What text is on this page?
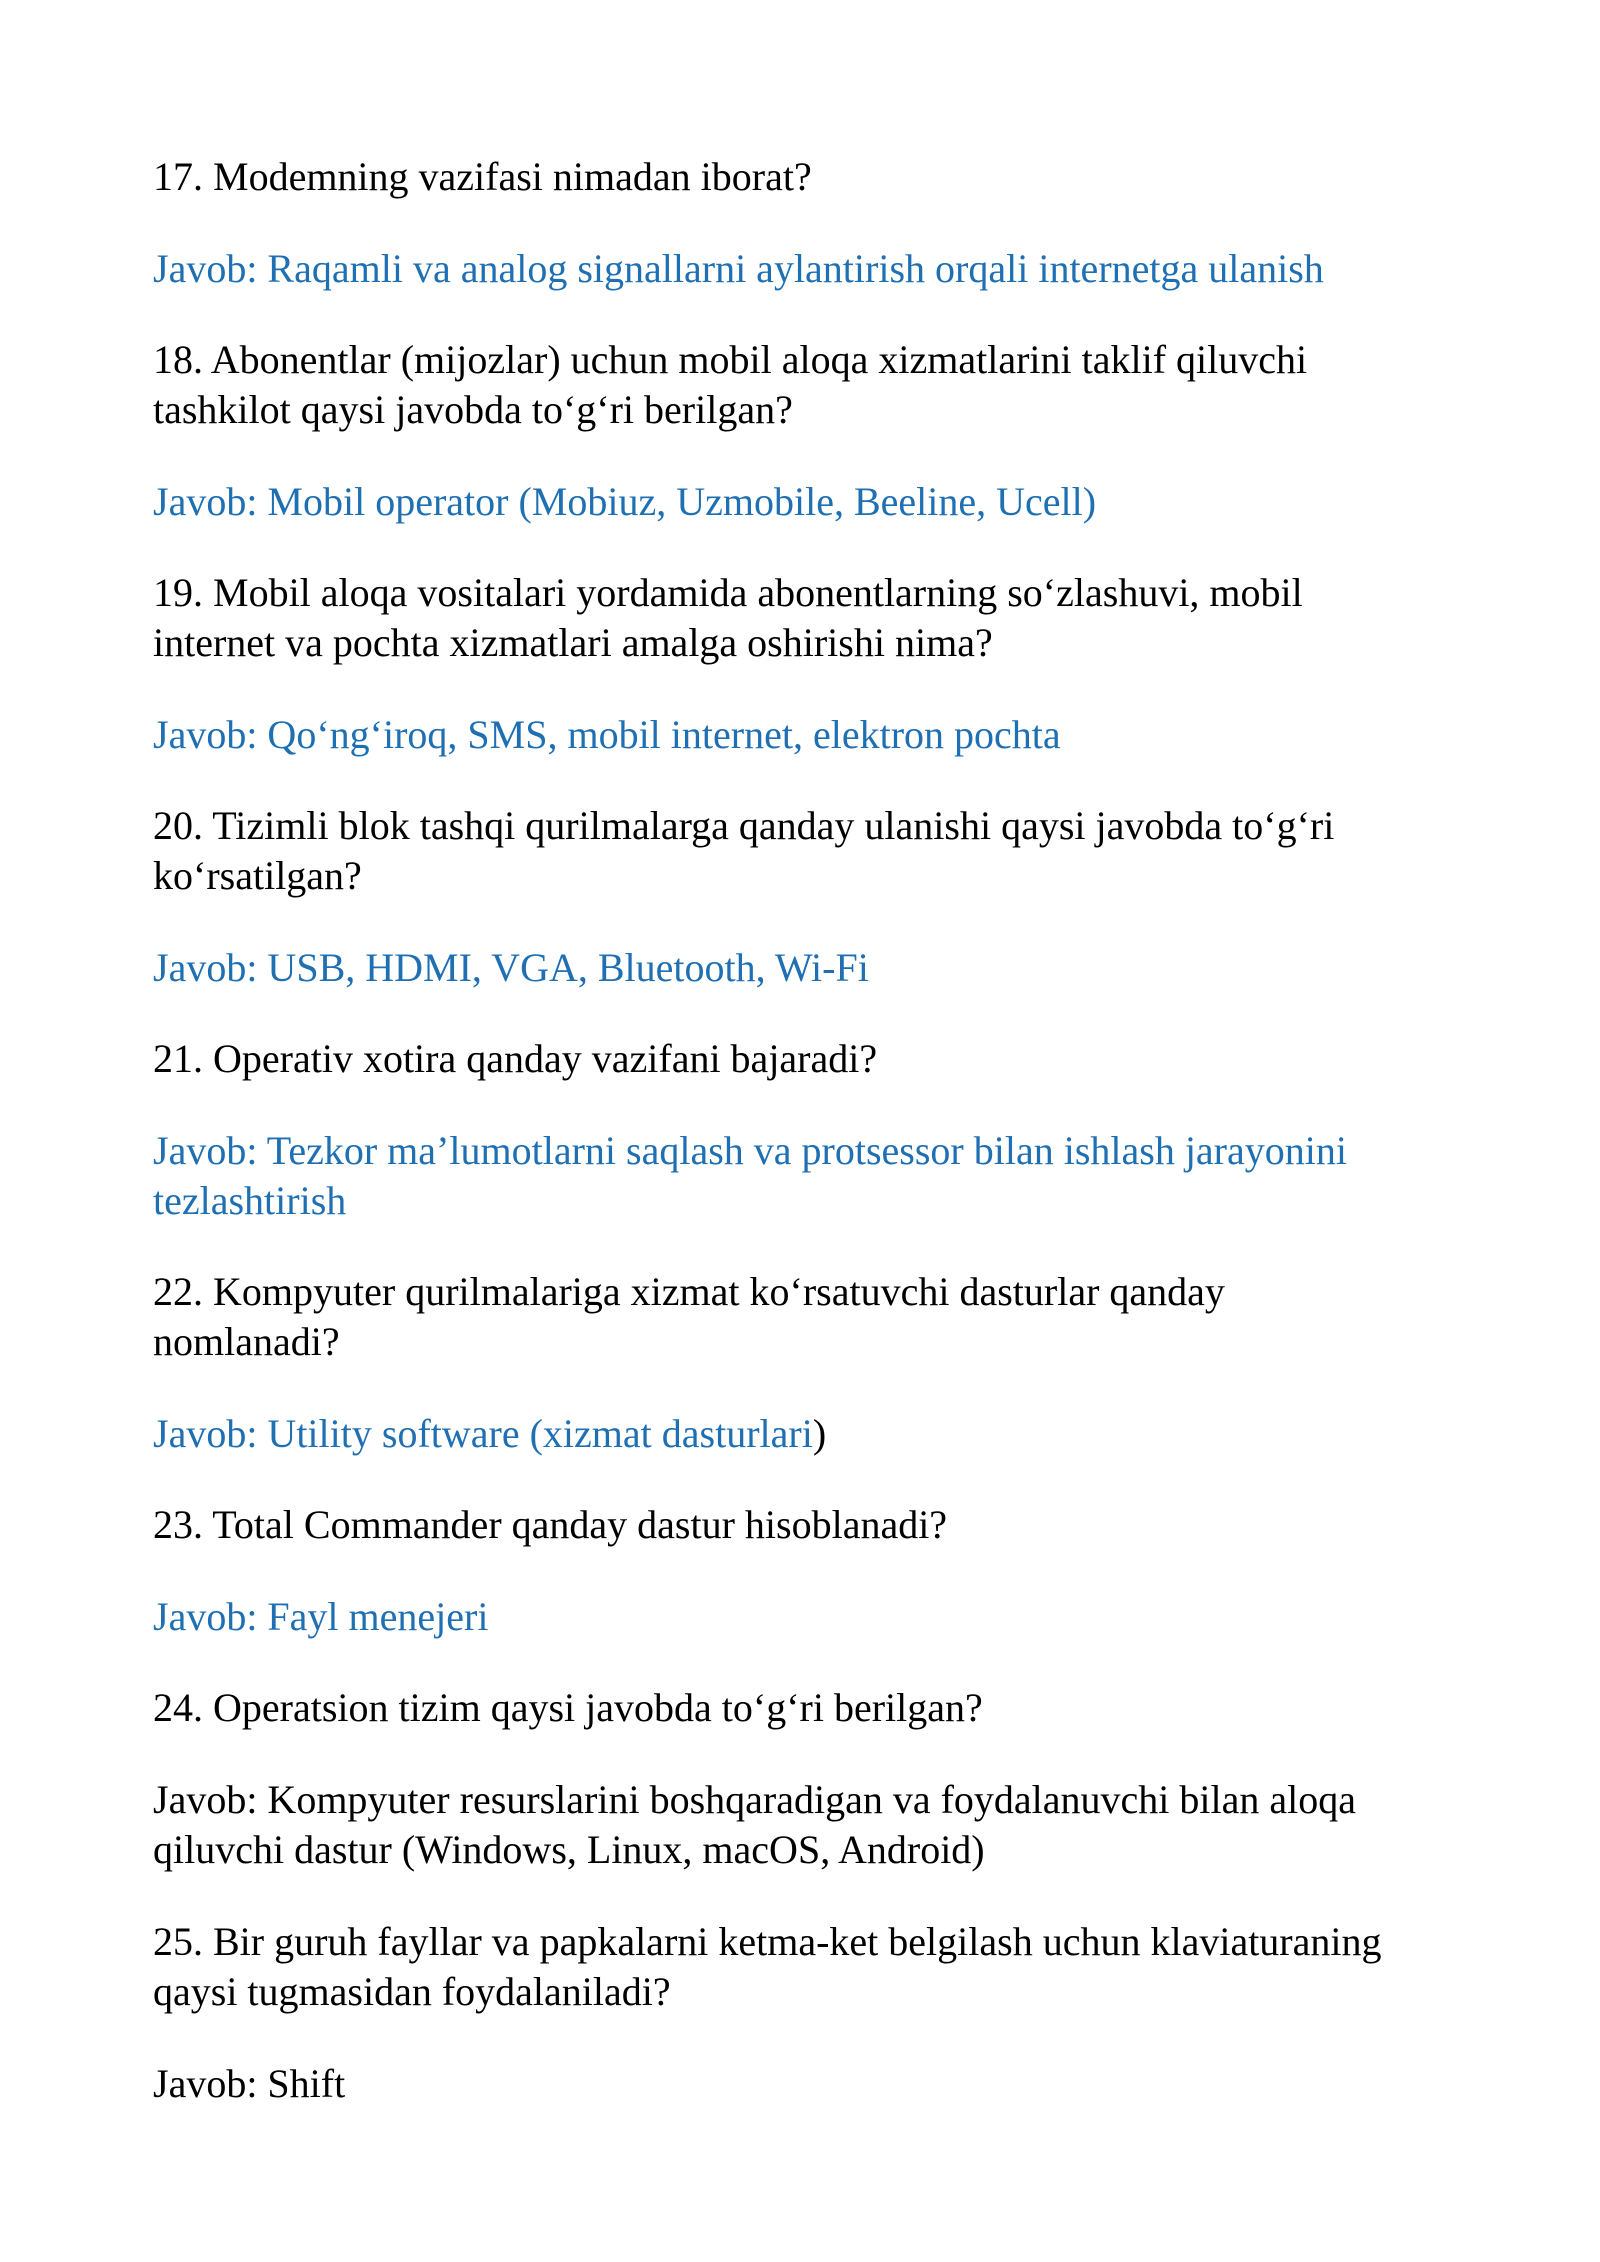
17. Modemning vazifasi nimadan iborat?

Javob: Raqamli va analog signallarni aylantirish orqali internetga ulanish

18. Abonentlar (mijozlar) uchun mobil aloqa xizmatlarini taklif qiluvchi
tashkilot qaysi javobda to‘g‘ri berilgan?

Javob: Mobil operator (Mobiuz, Uzmobile, Beeline, Ucell)

19. Mobil aloqa vositalari yordamida abonentlarning so‘zlashuvi, mobil
internet va pochta xizmatlari amalga oshirishi nima?

Javob: Qo‘ng‘iroq, SMS, mobil internet, elektron pochta

20. Tizimli blok tashqi qurilmalarga qanday ulanishi qaysi javobda to‘g‘ri
ko‘rsatilgan?

Javob: USB, HDMI, VGA, Bluetooth, Wi-Fi

21. Operativ xotira qanday vazifani bajaradi?

Javob: Tezkor ma’lumotlarni saqlash va protsessor bilan ishlash jarayonini
tezlashtirish

22. Kompyuter qurilmalariga xizmat ko‘rsatuvchi dasturlar qanday
nomlanadi?

Javob: Utility software (xizmat dasturlari)

23. Total Commander qanday dastur hisoblanadi?

Javob: Fayl menejeri

24. Operatsion tizim qaysi javobda to‘g‘ri berilgan?

Javob: Kompyuter resurslarini boshqaradigan va foydalanuvchi bilan aloqa
qiluvchi dastur (Windows, Linux, macOS, Android)

25. Bir guruh fayllar va papkalarni ketma-ket belgilash uchun klaviaturaning
qaysi tugmasidan foydalaniladi?

Javob: Shift
